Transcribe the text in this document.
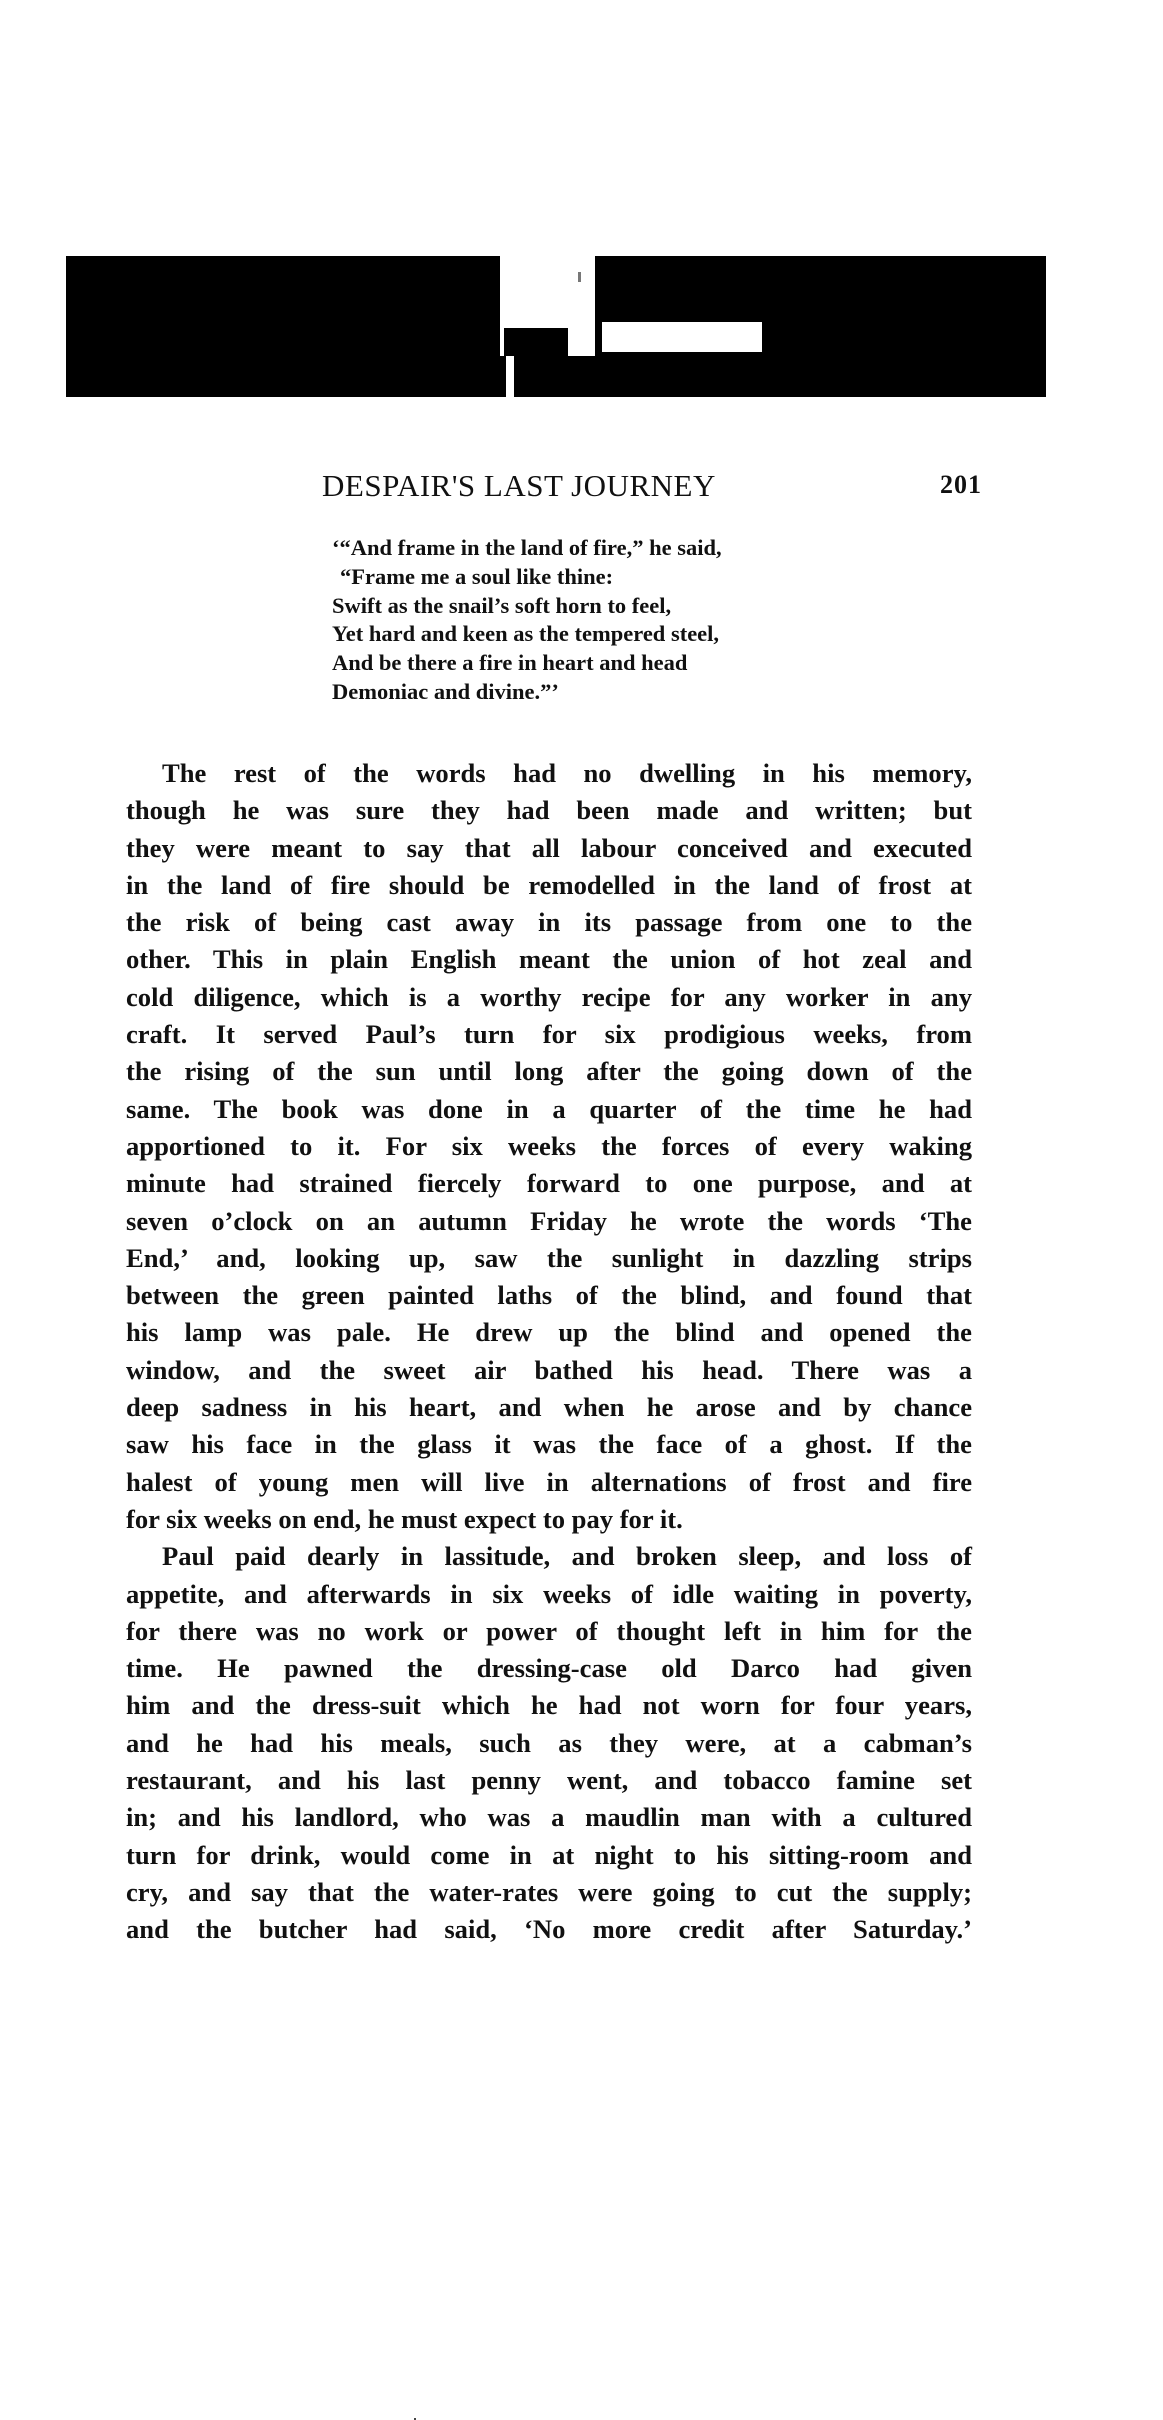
DESPAIR'S LAST JOURNEY	201
‘“And frame in the land of fire,” he said,
“Frame me a soul like thine:
Swift as the snail’s soft horn to feel,
Yet hard and keen as the tempered steel,
And be there a fire in heart and head
Demoniac and divine.”’
The rest of the words had no dwelling in his memory,
though he was sure they had been made and written; but
they were meant to say that all labour conceived and executed
in the land of fire should be remodelled in the land of frost at
the risk of being cast away in its passage from one to the
other. This in plain English meant the union of hot zeal and
cold diligence, which is a worthy recipe for any worker in any
craft. It served Paul’s turn for six prodigious weeks, from
the rising of the sun until long after the going down of the
same. The book was done in a quarter of the time he had
apportioned to it. For six weeks the forces of every waking
minute had strained fiercely forward to one purpose, and at
seven o’clock on an autumn Friday he wrote the words ‘The
End,’ and, looking up, saw the sunlight in dazzling strips
between the green painted laths of the blind, and found that
his lamp was pale. He drew up the blind and opened the
window, and the sweet air bathed his head. There was a
deep sadness in his heart, and when he arose and by chance
saw his face in the glass it was the face of a ghost. If the
halest of young men will live in alternations of frost and fire
for six weeks on end, he must expect to pay for it.
Paul paid dearly in lassitude, and broken sleep, and loss of
appetite, and afterwards in six weeks of idle waiting in poverty,
for there was no work or power of thought left in him for the
time. He pawned the dressing-case old Darco had given
him and the dress-suit which he had not worn for four years,
and he had his meals, such as they were, at a cabman’s
restaurant, and his last penny went, and tobacco famine set
in; and his landlord, who was a maudlin man with a cultured
turn for drink, would come in at night to his sitting-room and
cry, and say that the water-rates were going to cut the supply;
and the butcher had said, ‘No more credit after Saturday.’
